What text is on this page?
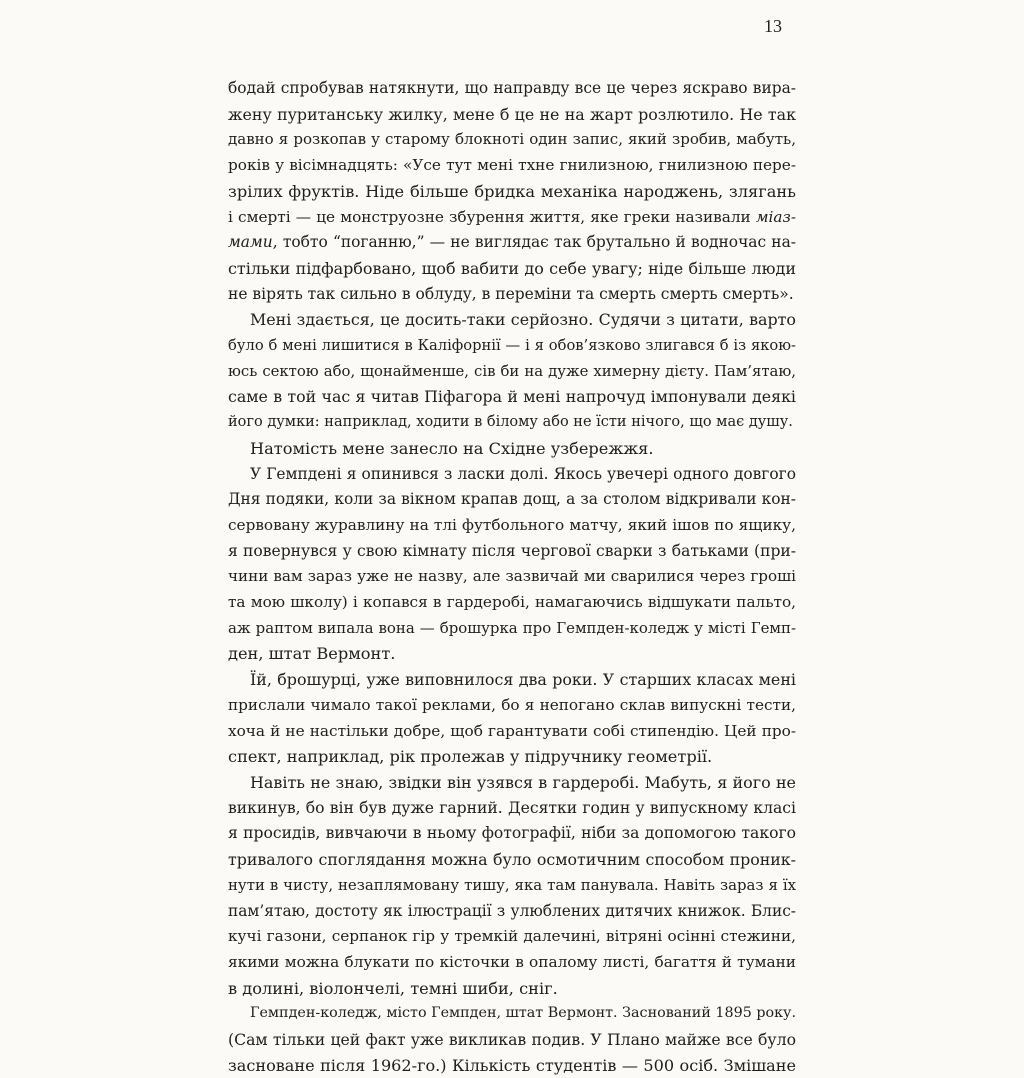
13
бодай спробував натякнути, що направду все це через яскраво вира-
жену пуританську жилку, мене б це не на жарт розлютило. Не так
давно я розкопав у старому блокноті один запис, який зробив, мабуть,
років у вісімнадцять: «Усе тут мені тхне гнилизною, гнилизною пере-
зрілих фруктів. Ніде більше бридка механіка народжень, злягань
і смерті — це монструозне збурення життя, яке греки називали міаз-
мами, тобто “поганню,” — не виглядає так брутально й водночас на-
стільки підфарбовано, щоб вабити до себе увагу; ніде більше люди
не вірять так сильно в облуду, в переміни та смерть смерть смерть».
Мені здається, це досить-таки серйозно. Судячи з цитати, варто
було б мені лишитися в Каліфорнії — і я обов’язково злигався б із якою-
юсь сектою або, щонайменше, сів би на дуже химерну дієту. Пам’ятаю,
саме в той час я читав Піфагора й мені напрочуд імпонували деякі
його думки: наприклад, ходити в білому або не їсти нічого, що має душу.
Натомість мене занесло на Східне узбережжя.
У Гемпдені я опинився з ласки долі. Якось увечері одного довгого
Дня подяки, коли за вікном крапав дощ, а за столом відкривали кон-
сервовану журавлину на тлі футбольного матчу, який ішов по ящику,
я повернувся у свою кімнату після чергової сварки з батьками (при-
чини вам зараз уже не назву, але зазвичай ми сварилися через гроші
та мою школу) і копався в гардеробі, намагаючись відшукати пальто,
аж раптом випала вона — брошурка про Гемпден-коледж у місті Гемп-
ден, штат Вермонт.
Їй, брошурці, уже виповнилося два роки. У старших класах мені
прислали чимало такої реклами, бо я непогано склав випускні тести,
хоча й не настільки добре, щоб гарантувати собі стипендію. Цей про-
спект, наприклад, рік пролежав у підручнику геометрії.
Навіть не знаю, звідки він узявся в гардеробі. Мабуть, я його не
викинув, бо він був дуже гарний. Десятки годин у випускному класі
я просидів, вивчаючи в ньому фотографії, ніби за допомогою такого
тривалого споглядання можна було осмотичним способом проник-
нути в чисту, незаплямовану тишу, яка там панувала. Навіть зараз я їх
пам’ятаю, достоту як ілюстрації з улюблених дитячих книжок. Блис-
кучі газони, серпанок гір у тремкій далечині, вітряні осінні стежини,
якими можна блукати по кісточки в опалому листі, багаття й тумани
в долині, віолончелі, темні шиби, сніг.
Гемпден-коледж, місто Гемпден, штат Вермонт. Заснований 1895 року.
(Сам тільки цей факт уже викликав подив. У Плано майже все було
засноване після 1962-го.) Кількість студентів — 500 осіб. Змішане
